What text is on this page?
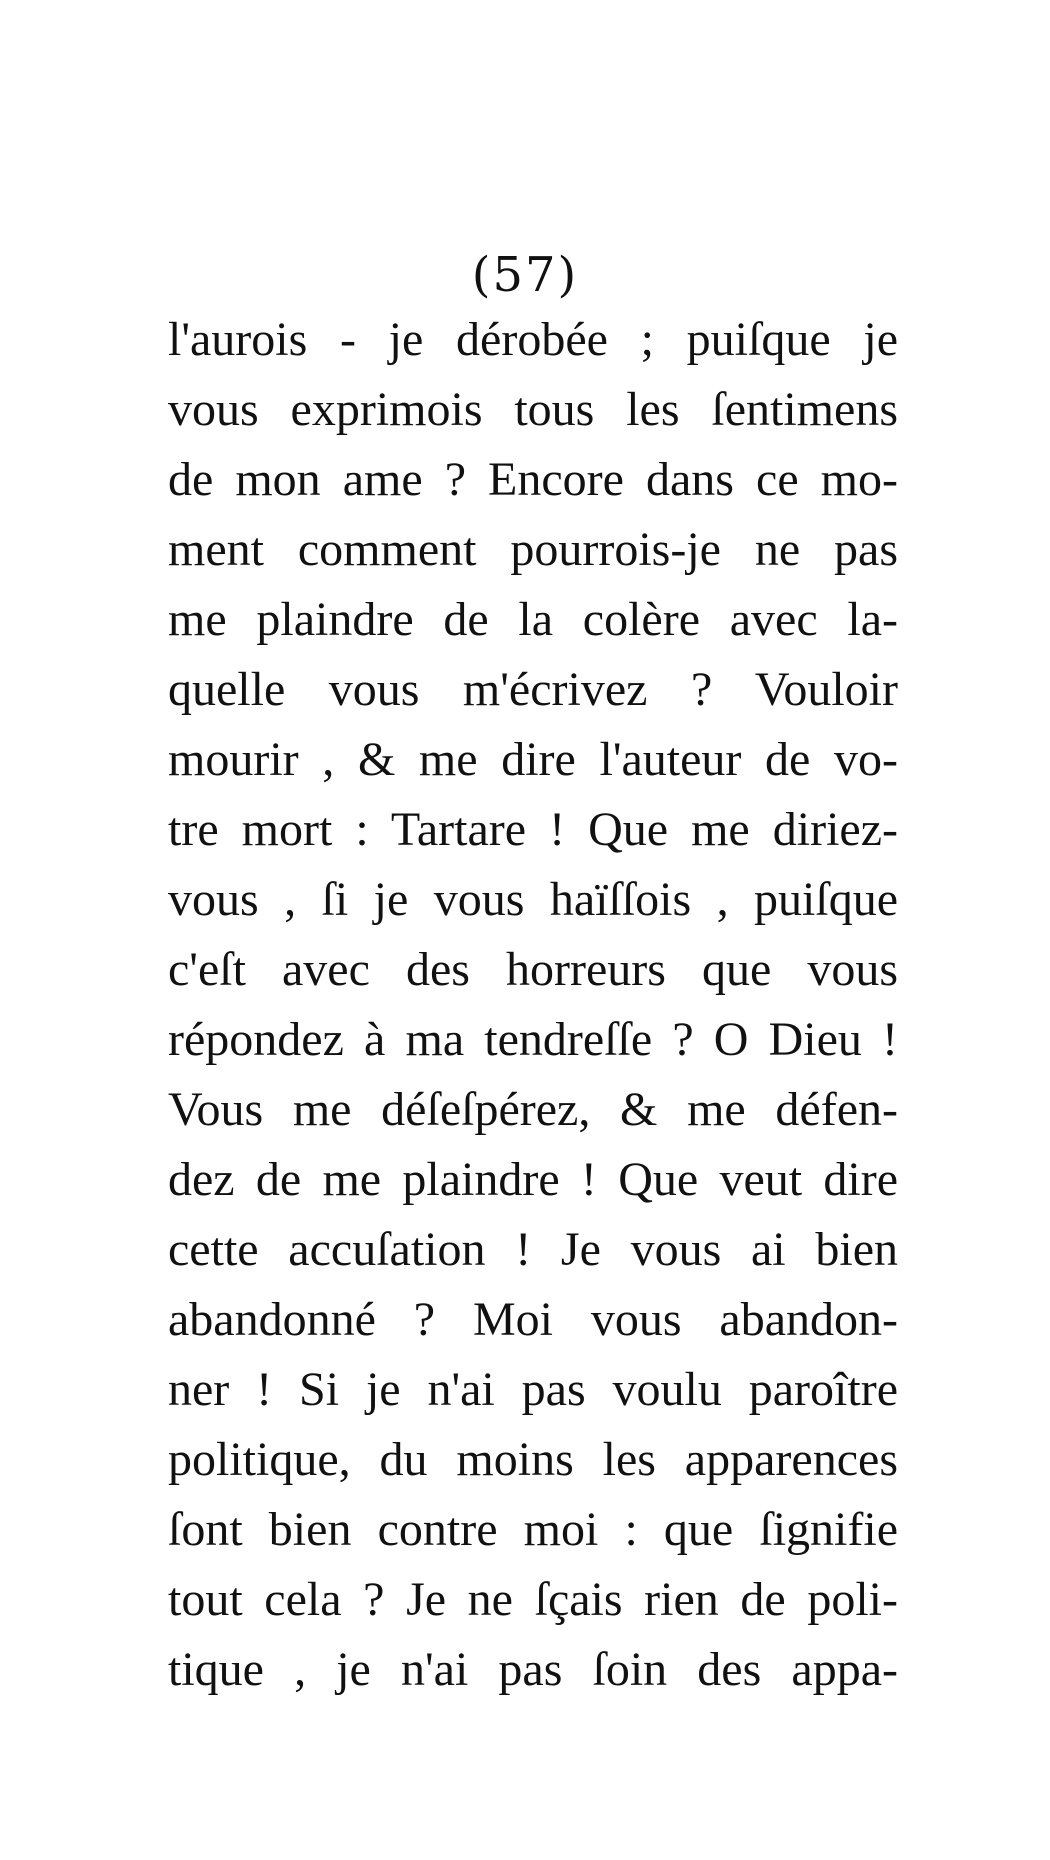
(57)
l'aurois - je dérobée ; puiſque je
vous exprimois tous les ſentimens
de mon ame ? Encore dans ce mo-
ment comment pourrois-je ne pas
me plaindre de la colère avec la-
quelle vous m'écrivez ? Vouloir
mourir , & me dire l'auteur de vo-
tre mort : Tartare ! Que me diriez-
vous , ſi je vous haïſſois , puiſque
c'eſt avec des horreurs que vous
répondez à ma tendreſſe ? O Dieu !
Vous me déſeſpérez, & me défen-
dez de me plaindre ! Que veut dire
cette accuſation ! Je vous ai bien
abandonné ? Moi vous abandon-
ner ! Si je n'ai pas voulu paroître
politique, du moins les apparences
ſont bien contre moi : que ſignifie
tout cela ? Je ne ſçais rien de poli-
tique , je n'ai pas ſoin des appa-
